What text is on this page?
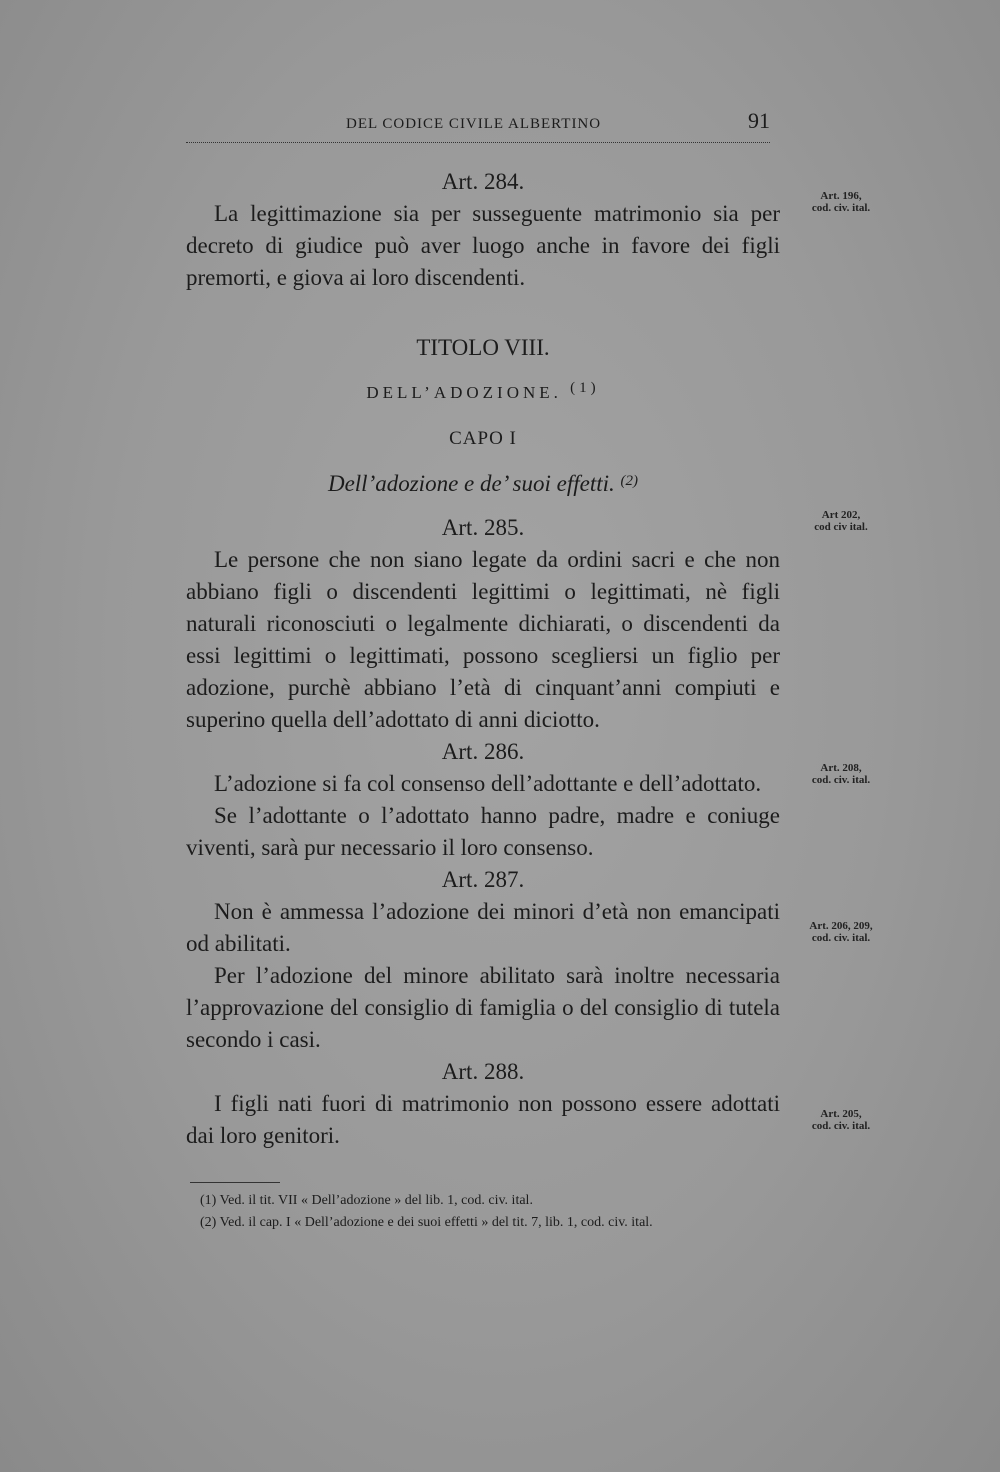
DEL CODICE CIVILE ALBERTINO	91

Art. 284.

La legittimazione sia per susseguente matrimonio sia per decreto di giudice può aver luogo anche in favore dei figli premorti, e giova ai loro discendenti.

TITOLO VIII.

DELL’ADOZIONE. (1)

CAPO I

Dell’adozione e de’ suoi effetti. $^{(2)}$

Art. 285.

Le persone che non siano legate da ordini sacri e che non abbiano figli o discendenti legittimi o legittimati, nè figli naturali riconosciuti o legalmente dichiarati, o discendenti da essi legittimi o legittimati, possono scegliersi un figlio per adozione, purchè abbiano l’età di cinquant’anni compiuti e superino quella dell’adottato di anni diciotto.

Art. 286.

L’adozione si fa col consenso dell’adottante e dell’adottato.

Se l’adottante o l’adottato hanno padre, madre e coniuge viventi, sarà pur necessario il loro consenso.

Art. 287.

Non è ammessa l’adozione dei minori d’età non emancipati od abilitati.

Per l’adozione del minore abilitato sarà inoltre necessaria l’approvazione del consiglio di famiglia o del consiglio di tutela secondo i casi.

Art. 288.

I figli nati fuori di matrimonio non possono essere adottati dai loro genitori.

Art. 196,
cod. civ. ital.
Art 202,
cod civ ital.
Art. 208,
cod. civ. ital.
Art. 206, 209,
cod. civ. ital.
Art. 205,
cod. civ. ital.

(1) Ved. il tit. VII « Dell’adozione » del lib. 1, cod. civ. ital.

(2) Ved. il cap. I « Dell’adozione e dei suoi effetti » del tit. 7, lib. 1, cod. civ. ital.
